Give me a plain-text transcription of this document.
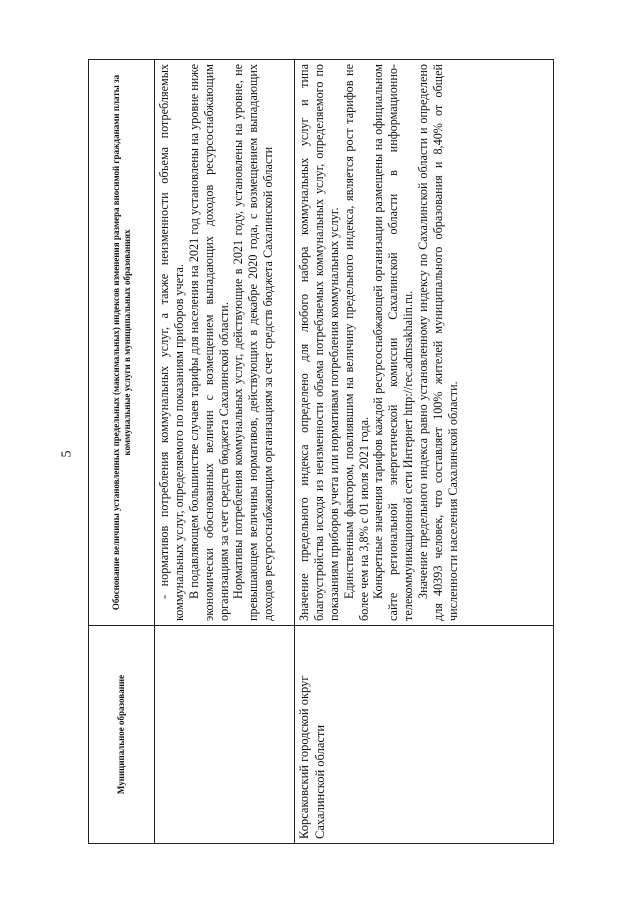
5
Муниципальное образование	Обоснование величины установленных предельных (максимальных) индексов изменения размера вносимой гражданами платы за коммунальные услуги в муниципальных образованиях

	- нормативов потребления коммунальных услуг, а также неизменности объема потребляемых коммунальных услуг, определяемого по показаниям приборов учета. В подавляющем большинстве случаев тарифы для населения на 2021 год установлены на уровне ниже экономически обоснованных величин с возмещением выпадающих доходов ресурсоснабжающим организациям за счет средств бюджета Сахалинской области. Нормативы потребления коммунальных услуг, действующие в 2021 году, установлены на уровне, не превышающем величины нормативов, действующих в декабре 2020 года, с возмещением выпадающих доходов ресурсоснабжающим организациям за счет средств бюджета Сахалинской области

Корсаковский городской округ Сахалинской области	Значение предельного индекса определено для любого набора коммунальных услуг и типа благоустройства исходя из неизменности объема потребляемых коммунальных услуг, определяемого по показаниям приборов учета или нормативам потребления коммунальных услуг. Единственным фактором, повлиявшим на величину предельного индекса, является рост тарифов не более чем на 3,8% с 01 июля 2021 года. Конкретные значения тарифов каждой ресурсоснабжающей организации размещены на официальном сайте региональной энергетической комиссии Сахалинской области в информационно-телекоммуникационной сети Интернет http://rec.admsakhalin.ru. Значение предельного индекса равно установленному индексу по Сахалинской области и определено для 40393 человек, что составляет 100% жителей муниципального образования и 8,40% от общей численности населения Сахалинской области.
